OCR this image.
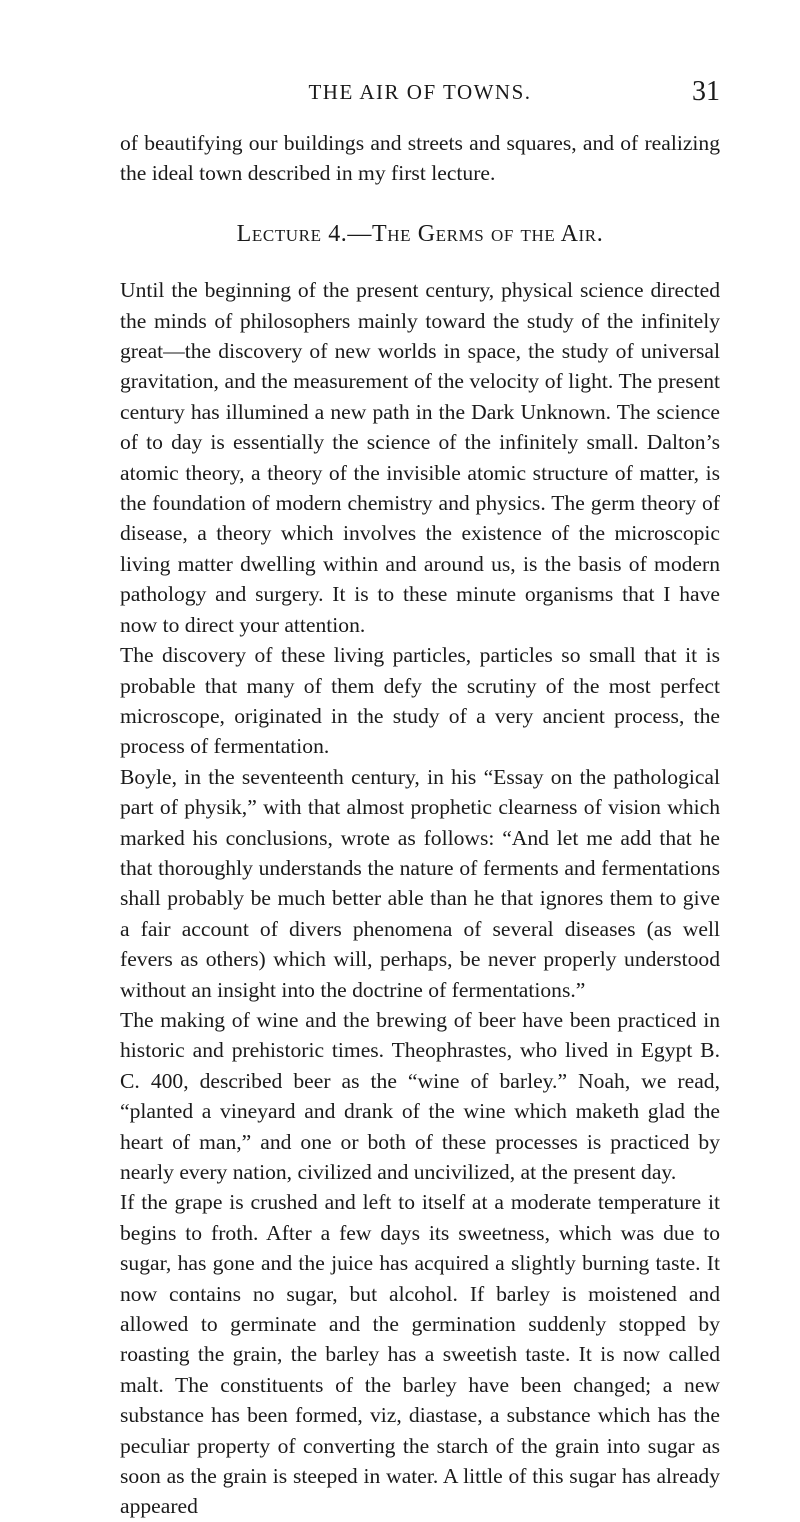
THE AIR OF TOWNS.	31

of beautifying our buildings and streets and squares, and of realizing the ideal town described in my first lecture.

Lecture 4.—The Germs of the Air.

Until the beginning of the present century, physical science directed the minds of philosophers mainly toward the study of the infinitely great—the discovery of new worlds in space, the study of universal gravitation, and the measurement of the velocity of light. The present century has illumined a new path in the Dark Unknown. The science of to day is essentially the science of the infinitely small. Dalton’s atomic theory, a theory of the invisible atomic structure of matter, is the foundation of modern chemistry and physics. The germ theory of disease, a theory which involves the existence of the microscopic living matter dwelling within and around us, is the basis of modern pathology and surgery. It is to these minute organisms that I have now to direct your attention.

The discovery of these living particles, particles so small that it is probable that many of them defy the scrutiny of the most perfect microscope, originated in the study of a very ancient process, the process of fermentation.

Boyle, in the seventeenth century, in his “Essay on the pathological part of physik,” with that almost prophetic clearness of vision which marked his conclusions, wrote as follows: “And let me add that he that thoroughly understands the nature of ferments and fermentations shall probably be much better able than he that ignores them to give a fair account of divers phenomena of several diseases (as well fevers as others) which will, perhaps, be never properly understood without an insight into the doctrine of fermentations.”

The making of wine and the brewing of beer have been practiced in historic and prehistoric times. Theophrastes, who lived in Egypt B. C. 400, described beer as the “wine of barley.” Noah, we read, “planted a vineyard and drank of the wine which maketh glad the heart of man,” and one or both of these processes is practiced by nearly every nation, civilized and uncivilized, at the present day.

If the grape is crushed and left to itself at a moderate temperature it begins to froth. After a few days its sweetness, which was due to sugar, has gone and the juice has acquired a slightly burning taste. It now contains no sugar, but alcohol. If barley is moistened and allowed to germinate and the germination suddenly stopped by roasting the grain, the barley has a sweetish taste. It is now called malt. The constituents of the barley have been changed; a new substance has been formed, viz, diastase, a substance which has the peculiar property of converting the starch of the grain into sugar as soon as the grain is steeped in water. A little of this sugar has already appeared
